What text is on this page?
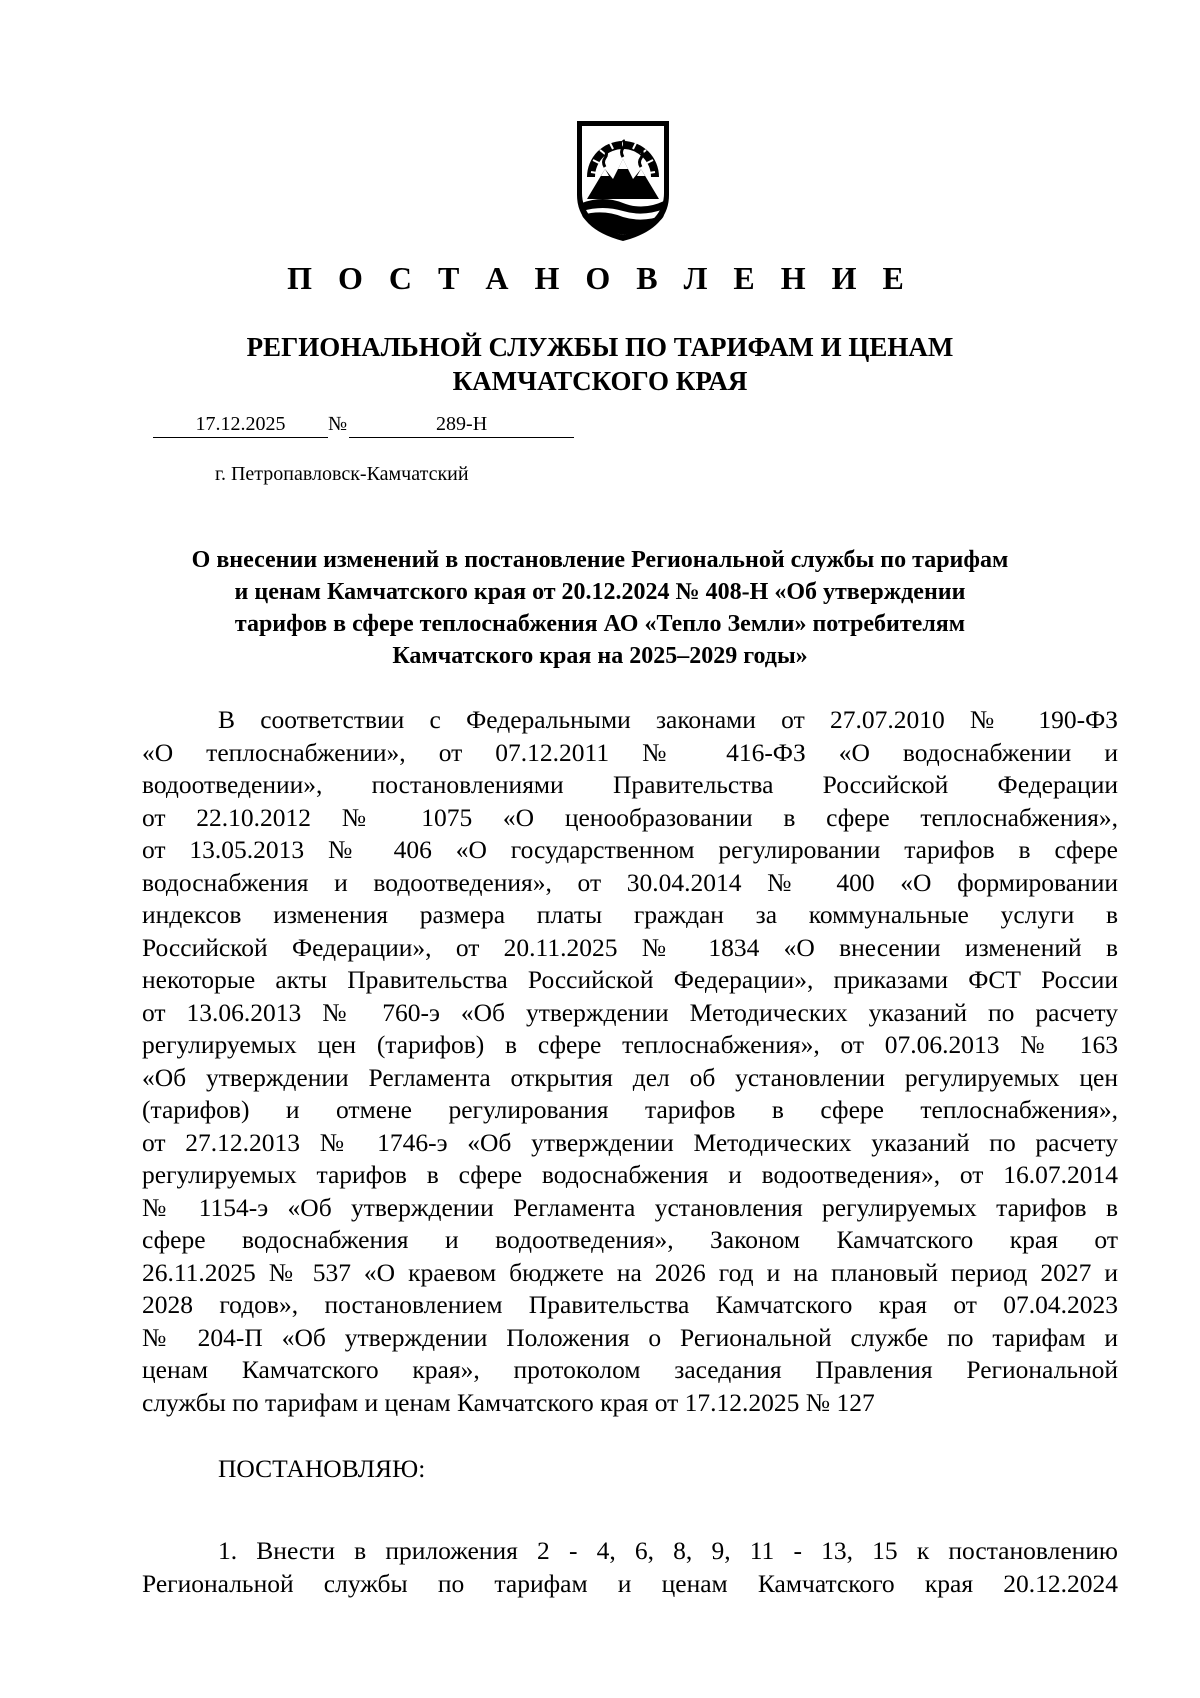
П О С Т А Н О В Л Е Н И Е
РЕГИОНАЛЬНОЙ СЛУЖБЫ ПО ТАРИФАМ И ЦЕНАМ
КАМЧАТСКОГО КРАЯ
17.12.2025 №	289-Н
г. Петропавловск-Камчатский
О внесении изменений в постановление Региональной службы по тарифам
и ценам Камчатского края от 20.12.2024 № 408-Н «Об утверждении
тарифов в сфере теплоснабжения АО «Тепло Земли» потребителям
Камчатского края на 2025–2029 годы»
В соответствии с Федеральными законами от 27.07.2010 № 190-ФЗ
«О теплоснабжении», от 07.12.2011 № 416-ФЗ «О водоснабжении и
водоотведении», постановлениями Правительства Российской Федерации
от 22.10.2012 № 1075 «О ценообразовании в сфере теплоснабжения»,
от 13.05.2013 № 406 «О государственном регулировании тарифов в сфере
водоснабжения и водоотведения», от 30.04.2014 № 400 «О формировании
индексов изменения размера платы граждан за коммунальные услуги в
Российской Федерации», от 20.11.2025 № 1834 «О внесении изменений в
некоторые акты Правительства Российской Федерации», приказами ФСТ России
от 13.06.2013 № 760-э «Об утверждении Методических указаний по расчету
регулируемых цен (тарифов) в сфере теплоснабжения», от 07.06.2013 № 163
«Об утверждении Регламента открытия дел об установлении регулируемых цен
(тарифов) и отмене регулирования тарифов в сфере теплоснабжения»,
от 27.12.2013 № 1746-э «Об утверждении Методических указаний по расчету
регулируемых тарифов в сфере водоснабжения и водоотведения», от 16.07.2014
№ 1154-э «Об утверждении Регламента установления регулируемых тарифов в
сфере водоснабжения и водоотведения», Законом Камчатского края от
26.11.2025 № 537 «О краевом бюджете на 2026 год и на плановый период 2027 и
2028 годов», постановлением Правительства Камчатского края от 07.04.2023
№ 204-П «Об утверждении Положения о Региональной службе по тарифам и
ценам Камчатского края», протоколом заседания Правления Региональной
службы по тарифам и ценам Камчатского края от 17.12.2025 № 127
ПОСТАНОВЛЯЮ:
1. Внести в приложения 2 - 4, 6, 8, 9, 11 - 13, 15 к постановлению
Региональной службы по тарифам и ценам Камчатского края 20.12.2024
